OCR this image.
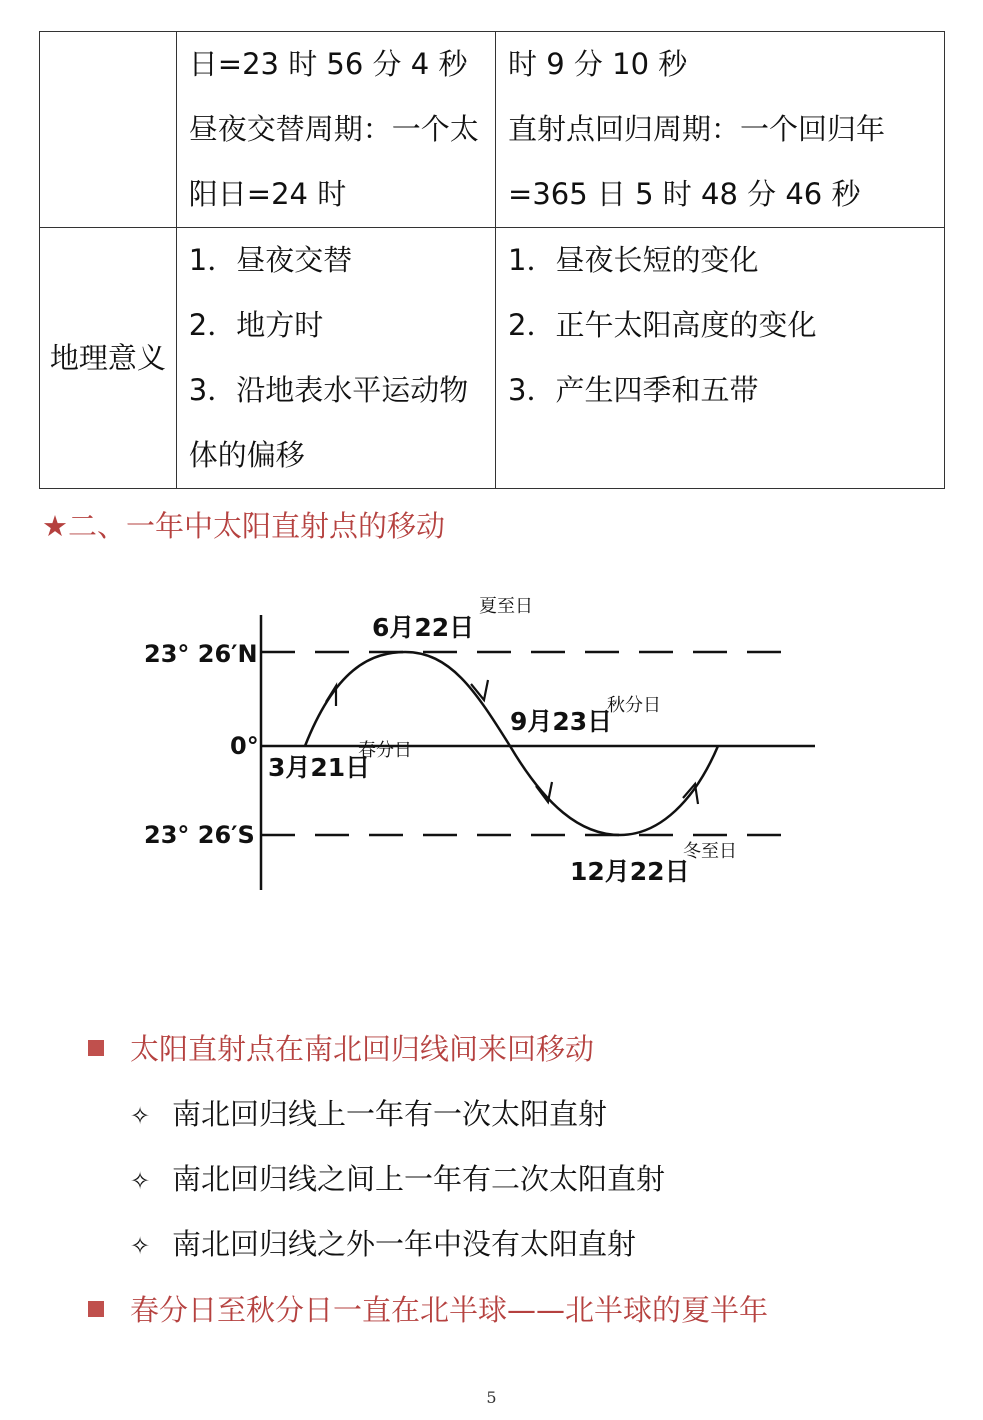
	日=23 时 56 分 4 秒
昼夜交替周期：一个太
阳日=24 时	时 9 分 10 秒
直射点回归周期：一个回归年
=365 日 5 时 48 分 46 秒

地理意义	1．昼夜交替
2．地方时
3．沿地表水平运动物
体的偏移	1．昼夜长短的变化
2．正午太阳高度的变化
3．产生四季和五带
★二、一年中太阳直射点的移动
23° 26′N
0°
23° 26′S
3月21日
春分日
6月22日
夏至日
9月23日
秋分日
12月22日
冬至日
太阳直射点在南北回归线间来回移动
✧ 南北回归线上一年有一次太阳直射
✧ 南北回归线之间上一年有二次太阳直射
✧ 南北回归线之外一年中没有太阳直射
春分日至秋分日一直在北半球——北半球的夏半年
5
